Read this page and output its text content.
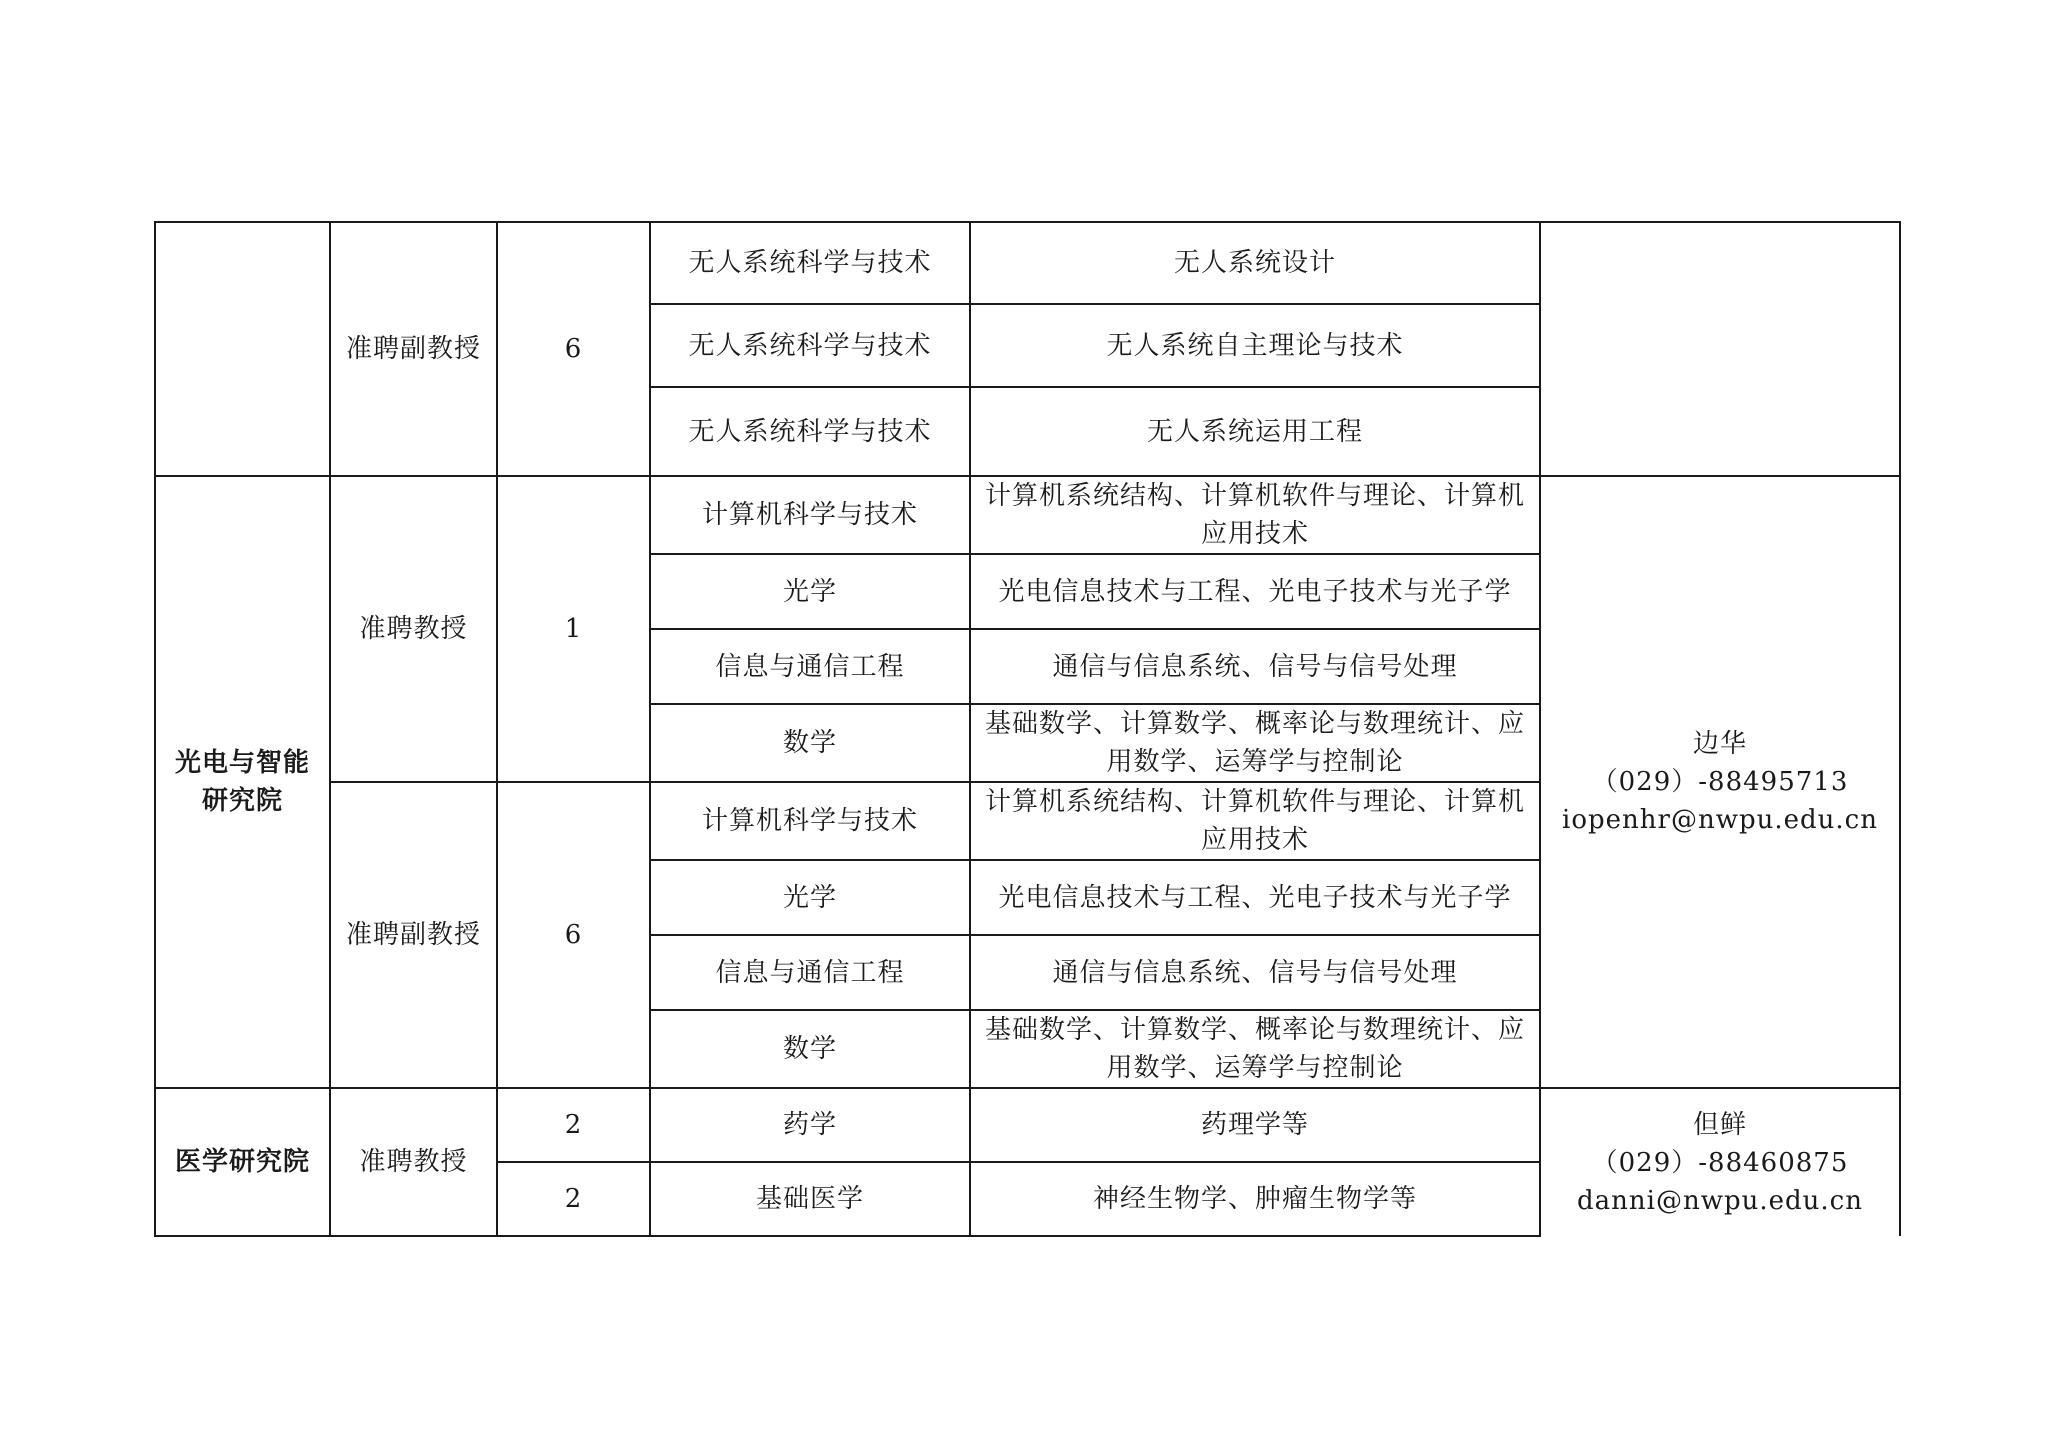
	准聘副教授	6	无人系统科学与技术	无人系统设计	
			无人系统科学与技术	无人系统自主理论与技术	
			无人系统科学与技术	无人系统运用工程	
光电与智能研究院	准聘教授	1	计算机科学与技术	计算机系统结构、计算机软件与理论、计算机应用技术	边华
（029）-88495713
iopenhr@nwpu.edu.cn

			光学	光电信息技术与工程、光电子技术与光子学	
			信息与通信工程	通信与信息系统、信号与信号处理	
			数学	基础数学、计算数学、概率论与数理统计、应用数学、运筹学与控制论	
	准聘副教授	6	计算机科学与技术	计算机系统结构、计算机软件与理论、计算机应用技术	
			光学	光电信息技术与工程、光电子技术与光子学	
			信息与通信工程	通信与信息系统、信号与信号处理	
			数学	基础数学、计算数学、概率论与数理统计、应用数学、运筹学与控制论	
医学研究院	准聘教授	2	药学	药理学等	但鲜
（029）-88460875
danni@nwpu.edu.cn

		2	基础医学	神经生物学、肿瘤生物学等	
